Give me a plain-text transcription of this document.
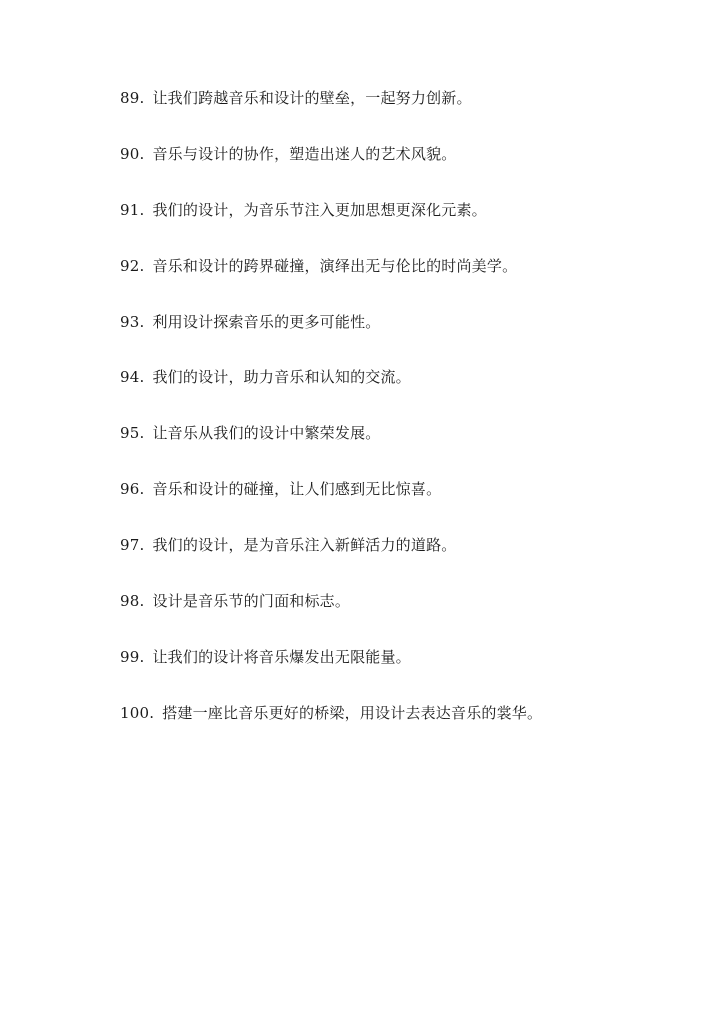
89. 让我们跨越音乐和设计的壁垒，一起努力创新。
90. 音乐与设计的协作，塑造出迷人的艺术风貌。
91. 我们的设计，为音乐节注入更加思想更深化元素。
92. 音乐和设计的跨界碰撞，演绎出无与伦比的时尚美学。
93. 利用设计探索音乐的更多可能性。
94. 我们的设计，助力音乐和认知的交流。
95. 让音乐从我们的设计中繁荣发展。
96. 音乐和设计的碰撞，让人们感到无比惊喜。
97. 我们的设计，是为音乐注入新鲜活力的道路。
98. 设计是音乐节的门面和标志。
99. 让我们的设计将音乐爆发出无限能量。
100. 搭建一座比音乐更好的桥梁，用设计去表达音乐的裳华。
